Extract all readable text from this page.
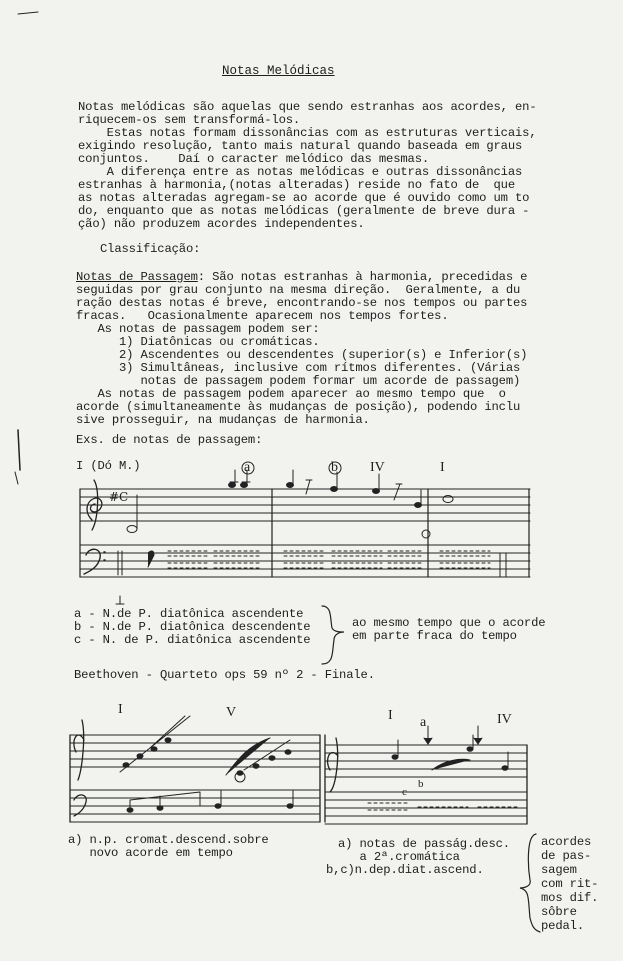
Notas Melódicas
Notas melódicas são aquelas que sendo estranhas aos acordes, en-
riquecem-os sem transformá-los.
Estas notas formam dissonâncias com as estruturas verticais,
exigindo resolução, tanto mais natural quando baseada em graus
conjuntos.    Daí o caracter melódico das mesmas.
A diferença entre as notas melódicas e outras dissonâncias
estranhas à harmonia,(notas alteradas) reside no fato de  que
as notas alteradas agregam-se ao acorde que é ouvido como um to
do, enquanto que as notas melódicas (geralmente de breve dura -
ção) não produzem acordes independentes.
Classificação:
Notas de Passagem: São notas estranhas à harmonia, precedidas e
seguidas por grau conjunto na mesma direção.  Geralmente, a du
ração destas notas é breve, encontrando-se nos tempos ou partes
fracas.   Ocasionalmente aparecem nos tempos fortes.
As notas de passagem podem ser:
1) Diatônicas ou cromáticas.
2) Ascendentes ou descendentes (superior(s) e Inferior(s)
3) Simultâneas, inclusive com rítmos diferentes. (Várias
notas de passagem podem formar um acorde de passagem)
As notas de passagem podem aparecer ao mesmo tempo que  o
acorde (simultaneamente às mudanças de posição), podendo inclu
sive prosseguir, na mudanças de harmonia.
Exs. de notas de passagem:
I (Dó M.)	a	b IV	I
a - N.de P. diatônica ascendente
b - N.de P. diatônica descendente
c - N. de P. diatônica ascendente
ao mesmo tempo que o acorde
em parte fraca do tempo
Beethoven - Quarteto ops 59 nº 2 - Finale.
I	V	I a	IV
b
c
a) n.p. cromat.descend.sobre
novo acorde em tempo
a) notas de passág.desc.
a 2ª.cromática
b,c)n.dep.diat.ascend.
acordes
de pas-
sagem
com rit-
mos dif.
sôbre
pedal.
#C
